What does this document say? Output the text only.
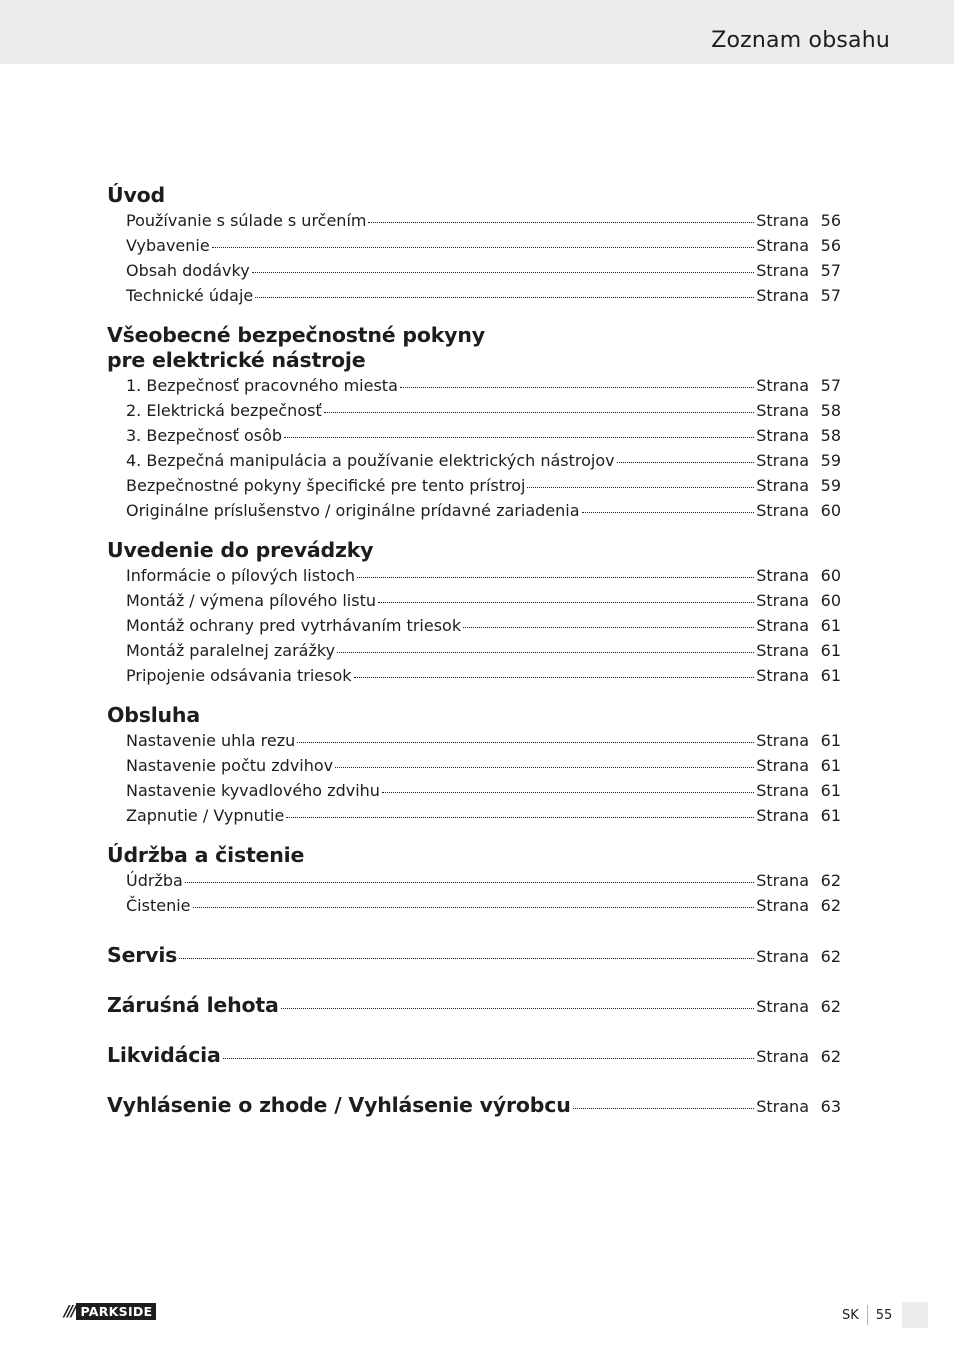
Zoznam obsahu
Úvod
Používanie s súlade s určením	Strana 56
Vybavenie	Strana 56
Obsah dodávky	Strana 57
Technické údaje	Strana 57
Všeobecné bezpečnostné pokyny
pre elektrické nástroje
1. Bezpečnosť pracovného miesta	Strana 57
2. Elektrická bezpečnosť	Strana 58
3. Bezpečnosť osôb	Strana 58
4. Bezpečná manipulácia a používanie elektrických nástrojov	Strana 59
Bezpečnostné pokyny špecifické pre tento prístroj	Strana 59
Originálne príslušenstvo / originálne prídavné zariadenia	Strana 60
Uvedenie do prevádzky
Informácie o pílových listoch	Strana 60
Montáž / výmena pílového listu	Strana 60
Montáž ochrany pred vytrhávaním triesok	Strana 61
Montáž paralelnej zarážky	Strana 61
Pripojenie odsávania triesok	Strana 61
Obsluha
Nastavenie uhla rezu	Strana 61
Nastavenie počtu zdvihov	Strana 61
Nastavenie kyvadlového zdvihu	Strana 61
Zapnutie / Vypnutie	Strana 61
Údržba a čistenie
Údržba	Strana 62
Čistenie	Strana 62
Servis	Strana 62
Záruśná lehota	Strana 62
Likvidácia	Strana 62
Vyhlásenie o zhode / Vyhlásenie výrobcu	Strana 63
/// PARKSIDE	SK	55
